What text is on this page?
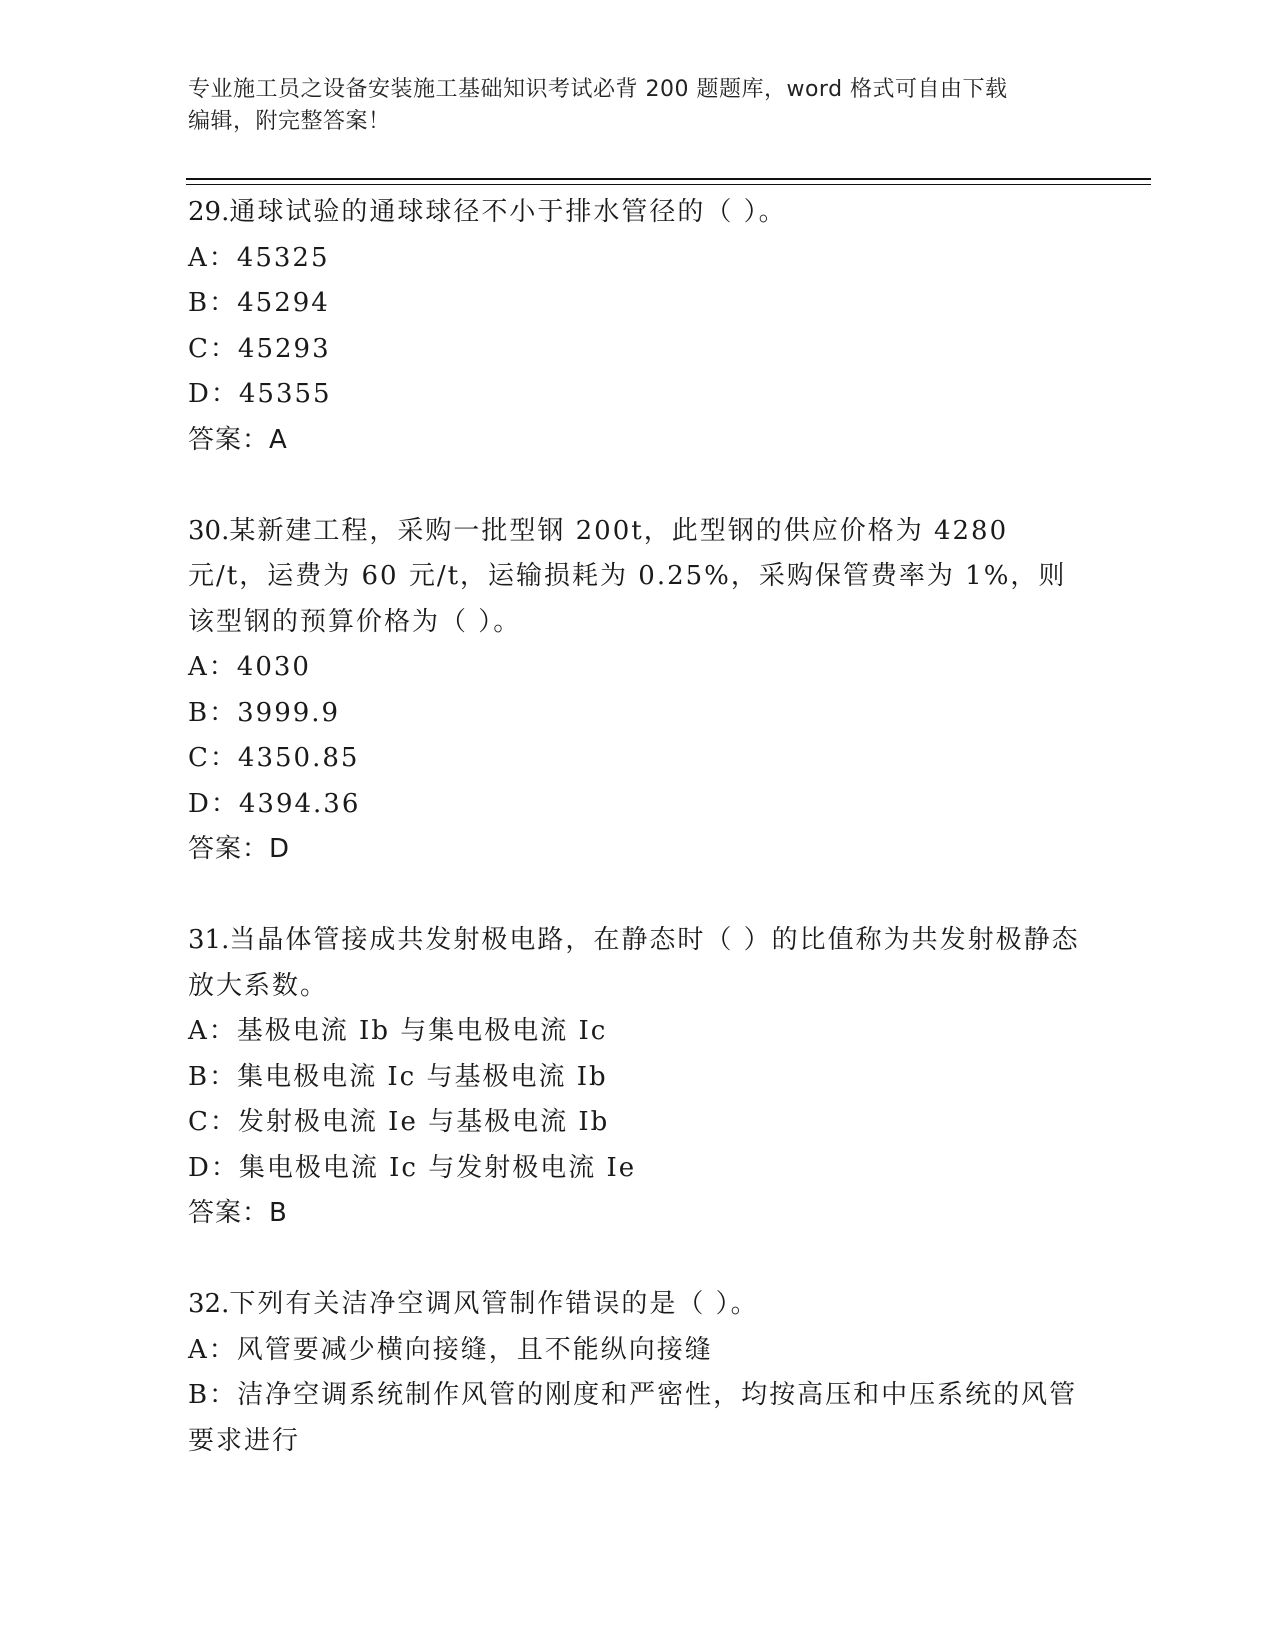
专业施工员之设备安装施工基础知识考试必背 200 题题库，word 格式可自由下载
编辑，附完整答案！

29.通球试验的通球球径不小于排水管径的（ ）。

A：45325

B：45294

C：45293

D：45355

答案：A

30.某新建工程，采购一批型钢 200t，此型钢的供应价格为 4280 元/t，运费为 60 元/t，运输损耗为 0.25%，采购保管费率为 1%，则该型钢的预算价格为（ ）。

A：4030

B：3999.9

C：4350.85

D：4394.36

答案：D

31.当晶体管接成共发射极电路，在静态时（ ）的比值称为共发射极静态放大系数。

A：基极电流 Ib 与集电极电流 Ic

B：集电极电流 Ic 与基极电流 Ib

C：发射极电流 Ie 与基极电流 Ib

D：集电极电流 Ic 与发射极电流 Ie

答案：B

32.下列有关洁净空调风管制作错误的是（ ）。

A：风管要减少横向接缝，且不能纵向接缝

B：洁净空调系统制作风管的刚度和严密性，均按高压和中压系统的风管要求进行
